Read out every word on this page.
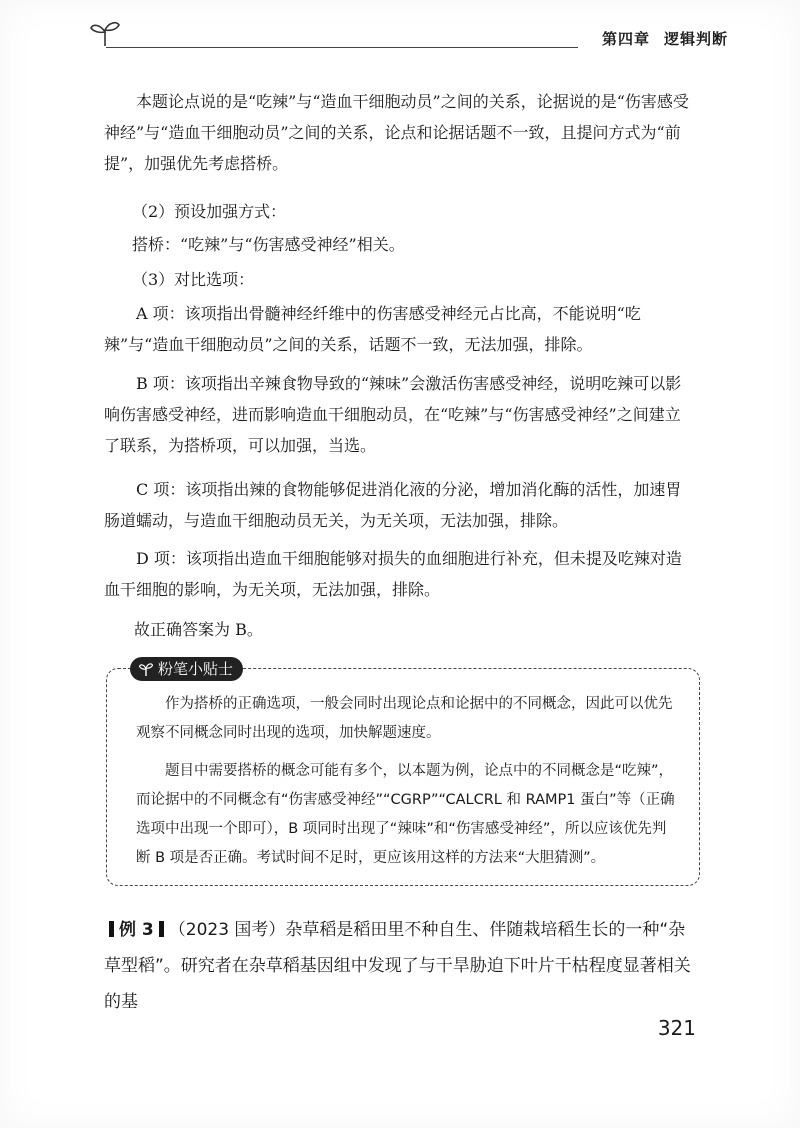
第四章 逻辑判断

本题论点说的是“吃辣”与“造血干细胞动员”之间的关系，论据说的是“伤害感受神经”与“造血干细胞动员”之间的关系，论点和论据话题不一致，且提问方式为“前提”，加强优先考虑搭桥。

（2）预设加强方式：
搭桥：“吃辣”与“伤害感受神经”相关。
（3）对比选项：

A 项：该项指出骨髓神经纤维中的伤害感受神经元占比高，不能说明“吃辣”与“造血干细胞动员”之间的关系，话题不一致，无法加强，排除。

B 项：该项指出辛辣食物导致的“辣味”会激活伤害感受神经，说明吃辣可以影响伤害感受神经，进而影响造血干细胞动员，在“吃辣”与“伤害感受神经”之间建立了联系，为搭桥项，可以加强，当选。

C 项：该项指出辣的食物能够促进消化液的分泌，增加消化酶的活性，加速胃肠道蠕动，与造血干细胞动员无关，为无关项，无法加强，排除。

D 项：该项指出造血干细胞能够对损失的血细胞进行补充，但未提及吃辣对造血干细胞的影响，为无关项，无法加强，排除。

故正确答案为 B。
粉笔小贴士

作为搭桥的正确选项，一般会同时出现论点和论据中的不同概念，因此可以优先观察不同概念同时出现的选项，加快解题速度。

题目中需要搭桥的概念可能有多个，以本题为例，论点中的不同概念是“吃辣”，而论据中的不同概念有“伤害感受神经”“CGRP”“CALCRL 和 RAMP1 蛋白”等（正确选项中出现一个即可），B 项同时出现了“辣味”和“伤害感受神经”，所以应该优先判断 B 项是否正确。考试时间不足时，更应该用这样的方法来“大胆猜测”。

例 3 （2023 国考）杂草稻是稻田里不种自生、伴随栽培稻生长的一种“杂草型稻”。研究者在杂草稻基因组中发现了与干旱胁迫下叶片干枯程度显著相关的基
321
